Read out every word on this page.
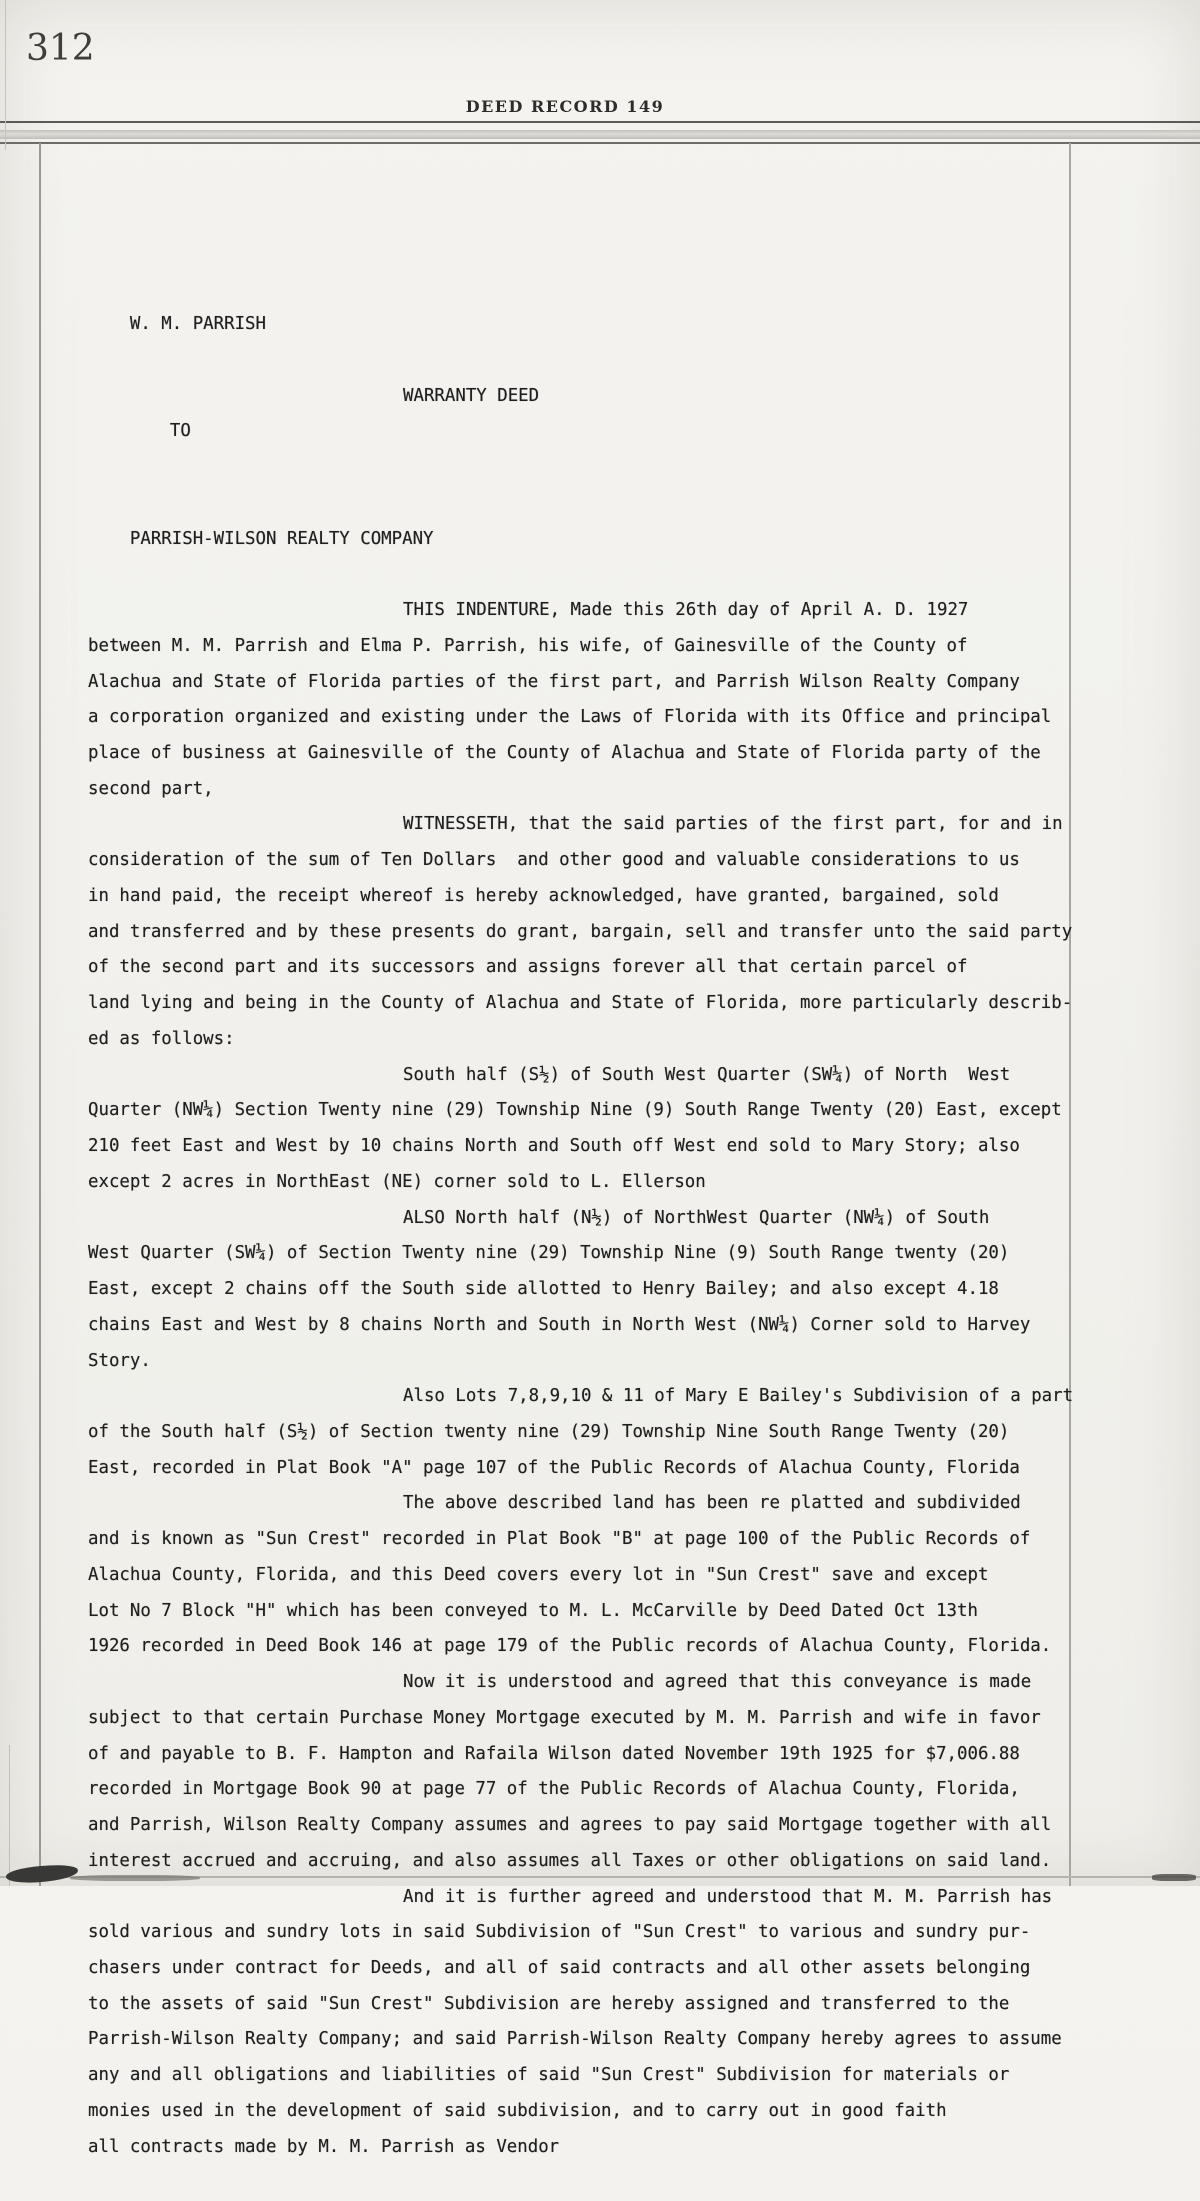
312
DEED RECORD 149

W. M. PARRISH

TO

WARRANTY DEED

PARRISH-WILSON REALTY COMPANY

THIS INDENTURE, Made this 26th day of April A. D. 1927
between M. M. Parrish and Elma P. Parrish, his wife, of Gainesville of the County of
Alachua and State of Florida parties of the first part, and Parrish Wilson Realty Company
a corporation organized and existing under the Laws of Florida with its Office and principal
place of business at Gainesville of the County of Alachua and State of Florida party of the
second part,
WITNESSETH, that the said parties of the first part, for and in
consideration of the sum of Ten Dollars  and other good and valuable considerations to us
in hand paid, the receipt whereof is hereby acknowledged, have granted, bargained, sold
and transferred and by these presents do grant, bargain, sell and transfer unto the said party
of the second part and its successors and assigns forever all that certain parcel of
land lying and being in the County of Alachua and State of Florida, more particularly describ-
ed as follows:
South half (S½) of South West Quarter (SW¼) of North  West
Quarter (NW¼) Section Twenty nine (29) Township Nine (9) South Range Twenty (20) East, except
210 feet East and West by 10 chains North and South off West end sold to Mary Story; also
except 2 acres in NorthEast (NE) corner sold to L. Ellerson
ALSO North half (N½) of NorthWest Quarter (NW¼) of South
West Quarter (SW¼) of Section Twenty nine (29) Township Nine (9) South Range twenty (20)
East, except 2 chains off the South side allotted to Henry Bailey; and also except 4.18
chains East and West by 8 chains North and South in North West (NW¼) Corner sold to Harvey
Story.
Also Lots 7,8,9,10 & 11 of Mary E Bailey's Subdivision of a part
of the South half (S½) of Section twenty nine (29) Township Nine South Range Twenty (20)
East, recorded in Plat Book "A" page 107 of the Public Records of Alachua County, Florida
The above described land has been re platted and subdivided
and is known as "Sun Crest" recorded in Plat Book "B" at page 100 of the Public Records of
Alachua County, Florida, and this Deed covers every lot in "Sun Crest" save and except
Lot No 7 Block "H" which has been conveyed to M. L. McCarville by Deed Dated Oct 13th
1926 recorded in Deed Book 146 at page 179 of the Public records of Alachua County, Florida.
Now it is understood and agreed that this conveyance is made
subject to that certain Purchase Money Mortgage executed by M. M. Parrish and wife in favor
of and payable to B. F. Hampton and Rafaila Wilson dated November 19th 1925 for $7,006.88
recorded in Mortgage Book 90 at page 77 of the Public Records of Alachua County, Florida,
and Parrish, Wilson Realty Company assumes and agrees to pay said Mortgage together with all
interest accrued and accruing, and also assumes all Taxes or other obligations on said land.
And it is further agreed and understood that M. M. Parrish has
sold various and sundry lots in said Subdivision of "Sun Crest" to various and sundry pur-
chasers under contract for Deeds, and all of said contracts and all other assets belonging
to the assets of said "Sun Crest" Subdivision are hereby assigned and transferred to the
Parrish-Wilson Realty Company; and said Parrish-Wilson Realty Company hereby agrees to assume
any and all obligations and liabilities of said "Sun Crest" Subdivision for materials or
monies used in the development of said subdivision, and to carry out in good faith
all contracts made by M. M. Parrish as Vendor
